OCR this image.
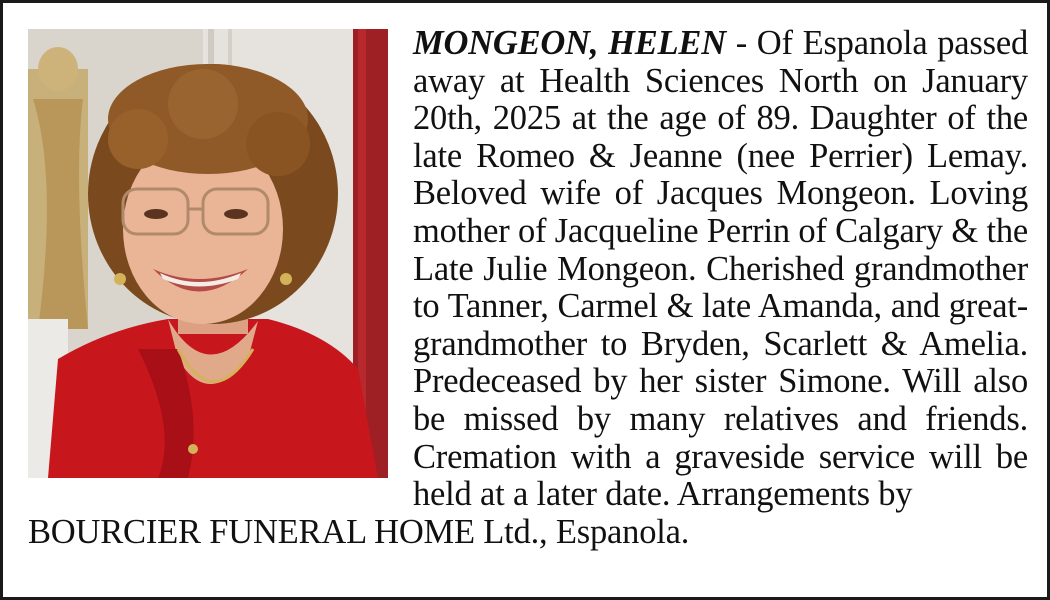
MONGEON, HELEN - Of Espanola passed away at Health Sciences North on January 20th, 2025 at the age of 89. Daughter of the late Romeo & Jeanne (nee Perrier) Lemay. Beloved wife of Jacques Mongeon. Loving mother of Jacqueline Perrin of Calgary & the Late Julie Mongeon. Cherished grandmother to Tanner, Carmel & late Amanda, and great-grandmother to Bryden, Scarlett & Amelia. Predeceased by her sister Simone. Will also be missed by many relatives and friends. Cremation with a graveside service will be held at a later date. Arrangements by
BOURCIER FUNERAL HOME Ltd., Espanola.
